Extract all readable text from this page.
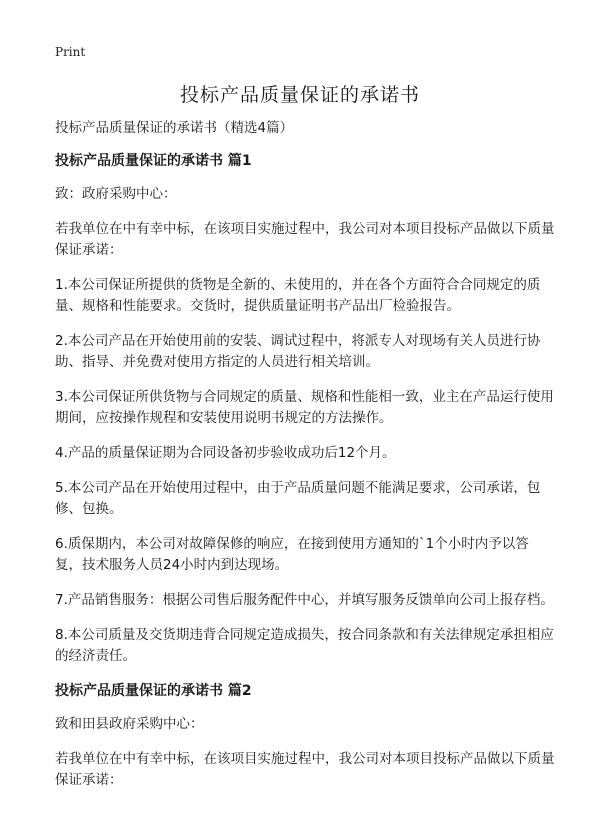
Print
投标产品质量保证的承诺书

投标产品质量保证的承诺书（精选4篇）

投标产品质量保证的承诺书 篇1

致：政府采购中心：

若我单位在中有幸中标，在该项目实施过程中，我公司对本项目投标产品做以下质量保证承诺：

1.本公司保证所提供的货物是全新的、未使用的，并在各个方面符合合同规定的质量、规格和性能要求。交货时，提供质量证明书产品出厂检验报告。

2.本公司产品在开始使用前的安装、调试过程中，将派专人对现场有关人员进行协助、指导、并免费对使用方指定的人员进行相关培训。

3.本公司保证所供货物与合同规定的质量、规格和性能相一致，业主在产品运行使用期间，应按操作规程和安装使用说明书规定的方法操作。

4.产品的质量保证期为合同设备初步验收成功后12个月。

5.本公司产品在开始使用过程中，由于产品质量问题不能满足要求，公司承诺，包修、包换。

6.质保期内，本公司对故障保修的响应，在接到使用方通知的`1个小时内予以答复，技术服务人员24小时内到达现场。

7.产品销售服务：根据公司售后服务配件中心，并填写服务反馈单向公司上报存档。

8.本公司质量及交货期违背合同规定造成损失，按合同条款和有关法律规定承担相应的经济责任。

投标产品质量保证的承诺书 篇2

致和田县政府采购中心：

若我单位在中有幸中标，在该项目实施过程中，我公司对本项目投标产品做以下质量保证承诺：
